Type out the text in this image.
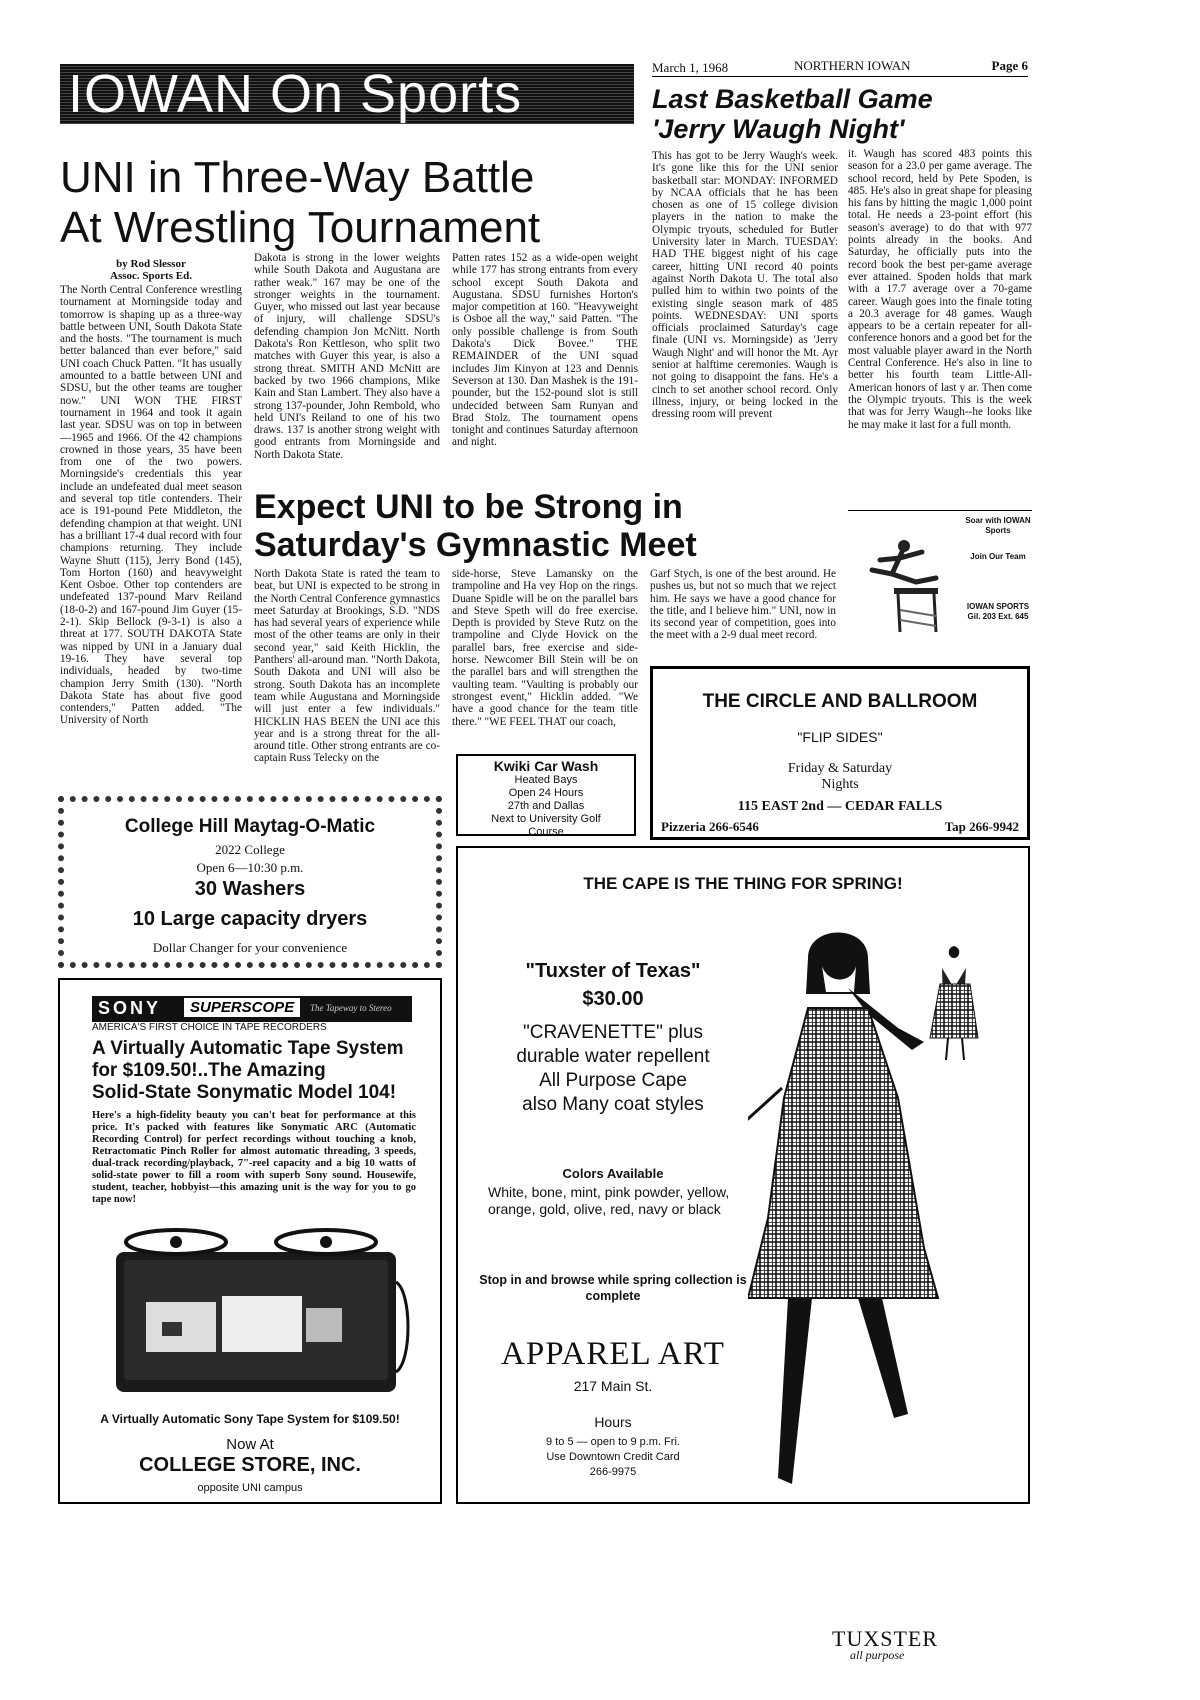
March 1, 1968	NORTHERN IOWAN	Page 6
IOWAN On Sports
UNI in Three-Way Battle
At Wrestling Tournament
by Rod Slessor
Assoc. Sports Ed.
The North Central Conference wrestling tournament at Morningside today and tomorrow is shaping up as a three-way battle between UNI, South Dakota State and the hosts. "The tournament is much better balanced than ever before," said UNI coach Chuck Patten. "It has usually amounted to a battle between UNI and SDSU, but the other teams are tougher now." UNI WON THE FIRST tournament in 1964 and took it again last year. SDSU was on top in between—1965 and 1966. Of the 42 champions crowned in those years, 35 have been from one of the two powers. Morningside's credentials this year include an undefeated dual meet season and several top title contenders. Their ace is 191-pound Pete Middleton, the defending champion at that weight. UNI has a brilliant 17-4 dual record with four champions returning. They include Wayne Shutt (115), Jerry Bond (145), Tom Horton (160) and heavyweight Kent Osboe. Other top contenders are undefeated 137-pound Marv Reiland (18-0-2) and 167-pound Jim Guyer (15-2-1). Skip Bellock (9-3-1) is also a threat at 177. SOUTH DAKOTA State was nipped by UNI in a January dual 19-16. They have several top individuals, headed by two-time champion Jerry Smith (130). "North Dakota State has about five good contenders," Patten added. "The University of North
Dakota is strong in the lower weights while South Dakota and Augustana are rather weak." 167 may be one of the stronger weights in the tournament. Guyer, who missed out last year because of injury, will challenge SDSU's defending champion Jon McNitt. North Dakota's Ron Kettleson, who split two matches with Guyer this year, is also a strong threat. SMITH AND McNitt are backed by two 1966 champions, Mike Kain and Stan Lambert. They also have a strong 137-pounder, John Rembold, who held UNI's Reiland to one of his two draws. 137 is another strong weight with good entrants from Morningside and North Dakota State.
Patten rates 152 as a wide-open weight while 177 has strong entrants from every school except South Dakota and Augustana. SDSU furnishes Horton's major competition at 160. "Heavyweight is Osboe all the way," said Patten. "The only possible challenge is from South Dakota's Dick Bovee." THE REMAINDER of the UNI squad includes Jim Kinyon at 123 and Dennis Severson at 130. Dan Mashek is the 191-pounder, but the 152-pound slot is still undecided between Sam Runyan and Brad Stolz. The tournament opens tonight and continues Saturday afternoon and night.
Last Basketball Game
'Jerry Waugh Night'
This has got to be Jerry Waugh's week. It's gone like this for the UNI senior basketball star: MONDAY: INFORMED by NCAA officials that he has been chosen as one of 15 college division players in the nation to make the Olympic tryouts, scheduled for Butler University later in March. TUESDAY: HAD THE biggest night of his cage career, hitting UNI record 40 points against North Dakota U. The total also pulled him to within two points of the existing single season mark of 485 points. WEDNESDAY: UNI sports officials proclaimed Saturday's cage finale (UNI vs. Morningside) as 'Jerry Waugh Night' and will honor the Mt. Ayr senior at halftime ceremonies. Waugh is not going to disappoint the fans. He's a cinch to set another school record. Only illness, injury, or being locked in the dressing room will prevent
it. Waugh has scored 483 points this season for a 23.0 per game average. The school record, held by Pete Spoden, is 485. He's also in great shape for pleasing his fans by hitting the magic 1,000 point total. He needs a 23-point effort (his season's average) to do that with 977 points already in the books. And Saturday, he officially puts into the record book the best per-game average ever attained. Spoden holds that mark with a 17.7 average over a 70-game career. Waugh goes into the finale toting a 20.3 average for 48 games. Waugh appears to be a certain repeater for all-conference honors and a good bet for the most valuable player award in the North Central Conference. He's also in line to better his fourth team Little-All-American honors of last y ar. Then come the Olympic tryouts. This is the week that was for Jerry Waugh--he looks like he may make it last for a full month.
Soar with IOWAN Sports
Join Our Team
IOWAN SPORTS Gil. 203 Ext. 645
Expect UNI to be Strong in
Saturday's Gymnastic Meet
North Dakota State is rated the team to beat, but UNI is expected to be strong in the North Central Conference gymnastics meet Saturday at Brookings, S.D. "NDS has had several years of experience while most of the other teams are only in their second year," said Keith Hicklin, the Panthers' all-around man. "North Dakota, South Dakota and UNI will also be strong. South Dakota has an incomplete team while Augustana and Morningside will just enter a few individuals." HICKLIN HAS BEEN the UNI ace this year and is a strong threat for the all-around title. Other strong entrants are co-captain Russ Telecky on the
side-horse, Steve Lamansky on the trampoline and Ha vey Hop on the rings. Duane Spidle will be on the parallel bars and Steve Speth will do free exercise. Depth is provided by Steve Rutz on the trampoline and Clyde Hovick on the parallel bars, free exercise and side-horse. Newcomer Bill Stein will be on the parallel bars and will strengthen the vaulting team. "Vaulting is probably our strongest event," Hicklin added. "We have a good chance for the team title there." "WE FEEL THAT our coach,
Garf Stych, is one of the best around. He pushes us, but not so much that we reject him. He says we have a good chance for the title, and I believe him." UNI, now in its second year of competition, goes into the meet with a 2-9 dual meet record.
THE CIRCLE AND BALLROOM
"FLIP SIDES"
Friday & Saturday
Nights
115 EAST 2nd — CEDAR FALLS
Pizzeria 266-6546	Tap 266-9942
Kwiki Car Wash
Heated Bays
Open 24 Hours
27th and Dallas
Next to University Golf
Course
College Hill Maytag-O-Matic
2022 College
Open 6—10:30 p.m.
30 Washers
10 Large capacity dryers
Dollar Changer for your convenience
SONY	SUPERSCOPE	The Tapeway to Stereo
AMERICA'S FIRST CHOICE IN TAPE RECORDERS
A Virtually Automatic Tape System
for $109.50!..The Amazing
Solid-State Sonymatic Model 104!
Here's a high-fidelity beauty you can't beat for performance at this price. It's packed with features like Sonymatic ARC (Automatic Recording Control) for perfect recordings without touching a knob, Retractomatic Pinch Roller for almost automatic threading, 3 speeds, dual-track recording/playback, 7"-reel capacity and a big 10 watts of solid-state power to fill a room with superb Sony sound. Housewife, student, teacher, hobbyist—this amazing unit is the way for you to go tape now!
A Virtually Automatic Sony Tape System for $109.50!
Now At
COLLEGE STORE, INC.
opposite UNI campus
THE CAPE IS THE THING FOR SPRING!
"Tuxster of Texas"
$30.00
"CRAVENETTE" plus
durable water repellent
All Purpose Cape
also Many coat styles
Colors Available
White, bone, mint, pink powder, yellow, orange, gold, olive, red, navy or black
Stop in and browse while spring collection is complete
APPAREL ART
217 Main St.
Hours
9 to 5 — open to 9 p.m. Fri.
Use Downtown Credit Card
266-9975
TUXSTER
all purpose
